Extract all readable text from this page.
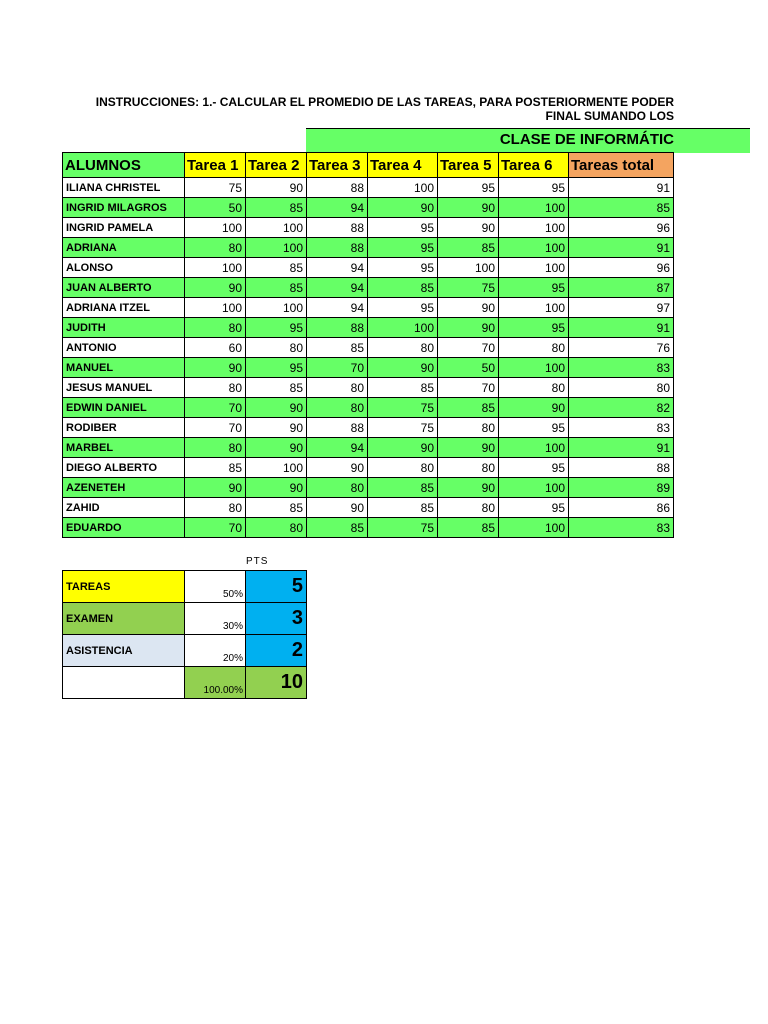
INSTRUCCIONES: 1.- CALCULAR EL PROMEDIO DE LAS TAREAS, PARA POSTERIORMENTE PODER
FINAL SUMANDO LOS
CLASE DE INFORMÁTIC
ALUMNOS	Tarea 1	Tarea 2	Tarea 3	Tarea 4	Tarea 5	Tarea 6	Tareas total
ILIANA CHRISTEL	75	90	88	100	95	95	91
INGRID MILAGROS	50	85	94	90	90	100	85
INGRID PAMELA	100	100	88	95	90	100	96
ADRIANA	80	100	88	95	85	100	91
ALONSO	100	85	94	95	100	100	96
JUAN ALBERTO	90	85	94	85	75	95	87
ADRIANA ITZEL	100	100	94	95	90	100	97
JUDITH	80	95	88	100	90	95	91
ANTONIO	60	80	85	80	70	80	76
MANUEL	90	95	70	90	50	100	83
JESUS MANUEL	80	85	80	85	70	80	80
EDWIN DANIEL	70	90	80	75	85	90	82
RODIBER	70	90	88	75	80	95	83
MARBEL	80	90	94	90	90	100	91
DIEGO ALBERTO	85	100	90	80	80	95	88
AZENETEH	90	90	80	85	90	100	89
ZAHID	80	85	90	85	80	95	86
EDUARDO	70	80	85	75	85	100	83
PTS
TAREAS	50%	5
EXAMEN	30%	3
ASISTENCIA	20%	2
	100.00%	10
